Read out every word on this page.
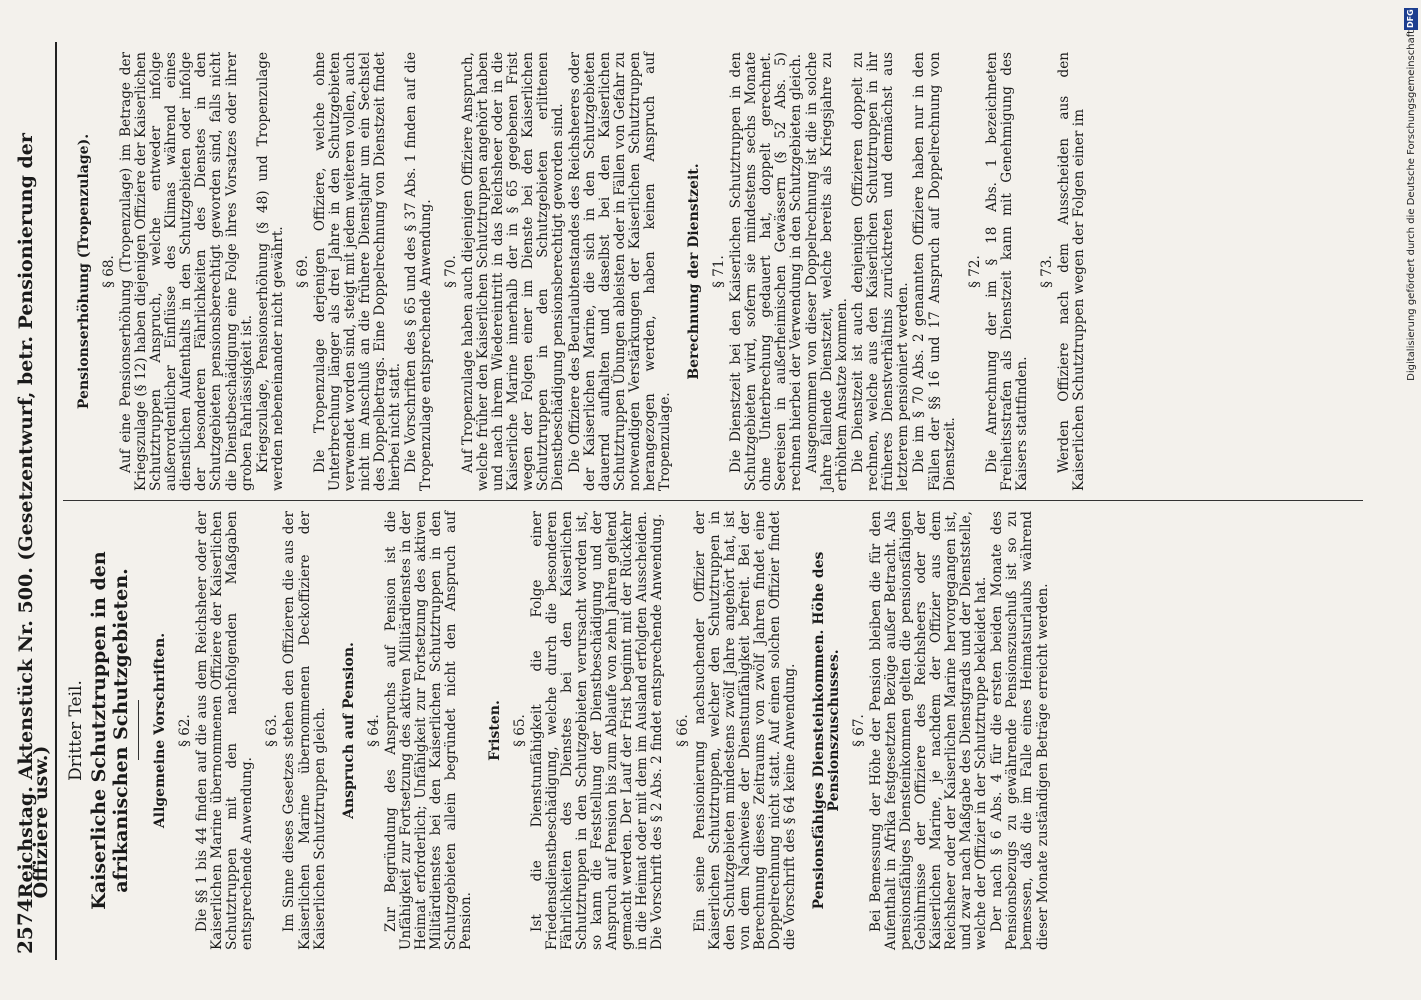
2574
Reichstag. Aktenstück Nr. 500. (Gesetzentwurf, betr. Pensionierung der Offiziere usw.)
Dritter Teil. Kaiserliche Schutztruppen in den afrikanischen Schutzgebieten. Allgemeine Vorschriften. § 62. Die §§ 1 bis 44 finden auf die aus dem Reichsheer oder der Kaiserlichen Marine übernommenen Offiziere der Kaiserlichen Schutztruppen mit den nachfolgenden Maßgaben entsprechende Anwendung.

§ 63. Im Sinne dieses Gesetzes stehen den Offizieren die aus der Kaiserlichen Marine übernommenen Deckoffiziere der Kaiserlichen Schutztruppen gleich. Anspruch auf Pension. § 64. Zur Begründung des Anspruchs auf Pension ist die Unfähigkeit zur Fortsetzung des aktiven Militärdienstes in der Heimat erforderlich; Unfähigkeit zur Fortsetzung des aktiven Militärdienstes bei den Kaiserlichen Schutztruppen in den Schutzgebieten allein begründet nicht den Anspruch auf Pension.

Fristen. § 65. Ist die Dienstunfähigkeit die Folge einer Friedensdienstbeschädigung, welche durch die besonderen Fährlichkeiten des Dienstes bei den Kaiserlichen Schutztruppen in den Schutzgebieten verursacht worden ist, so kann die Feststellung der Dienstbeschädigung und der Anspruch auf Pension bis zum Ablaufe von zehn Jahren geltend gemacht werden. Der Lauf der Frist beginnt mit der Rückkehr in die Heimat oder mit dem im Ausland erfolgten Ausscheiden. Die Vorschrift des § 2 Abs. 2 findet entsprechende Anwendung. § 66. Ein seine Pensionierung nachsuchender Offizier der Kaiserlichen Schutztruppen, welcher den Schutztruppen in den Schutzgebieten mindestens zwölf Jahre angehört hat, ist von dem Nachweise der Dienstunfähigkeit befreit. Bei der Berechnung dieses Zeitraums von zwölf Jahren findet eine Doppelrechnung nicht statt. Auf einen solchen Offizier findet die Vorschrift des § 64 keine Anwendung. Pensionsfähiges Diensteinkommen. Höhe des Pensionszuschusses. § 67. Bei Bemessung der Höhe der Pension bleiben die für den Aufenthalt in Afrika festgesetzten Bezüge außer Betracht. Als pensionsfähiges Diensteinkommen gelten die pensionsfähigen Gebührnisse der Offiziere des Reichsheers oder der Kaiserlichen Marine, je nachdem der Offizier aus dem Reichsheer oder der Kaiserlichen Marine hervorgegangen ist, und zwar nach Maßgabe des Dienstgrads und der Dienststelle, welche der Offizier in der Schutztruppe bekleidet hat. Der nach § 6 Abs. 4 für die ersten beiden Monate des Pensionsbezugs zu gewährende Pensionszuschuß ist so zu bemessen, daß die im Falle eines Heimatsurlaubs während dieser Monate zuständigen Beträge erreicht werden.

Pensionserhöhung (Tropenzulage). § 68. Auf eine Pensionserhöhung (Tropenzulage) im Betrage der Kriegszulage (§ 12) haben diejenigen Offiziere der Kaiserlichen Schutztruppen Anspruch, welche entweder infolge außerordentlicher Einflüsse des Klimas während eines dienstlichen Aufenthalts in den Schutzgebieten oder infolge der besonderen Fährlichkeiten des Dienstes in den Schutzgebieten pensionsberechtigt geworden sind, falls nicht die Dienstbeschädigung eine Folge ihres Vorsatzes oder ihrer groben Fahrlässigkeit ist. Kriegszulage, Pensionserhöhung (§ 48) und Tropenzulage werden nebeneinander nicht gewährt. § 69. Die Tropenzulage derjenigen Offiziere, welche ohne Unterbrechung länger als drei Jahre in den Schutzgebieten verwendet worden sind, steigt mit jedem weiteren vollen, auch nicht im Anschluß an die frühere Dienstjahr um ein Sechstel des Doppelbetrags. Eine Doppelrechnung von Dienstzeit findet hierbei nicht statt. Die Vorschriften des § 65 und des § 37 Abs. 1 finden auf die Tropenzulage entsprechende Anwendung. § 70. Auf Tropenzulage haben auch diejenigen Offiziere Anspruch, welche früher den Kaiserlichen Schutztruppen angehört haben und nach ihrem Wiedereintritt in das Reichsheer oder in die Kaiserliche Marine innerhalb der in § 65 gegebenen Frist wegen der Folgen einer im Dienste bei den Kaiserlichen Schutztruppen in den Schutzgebieten erlittenen Dienstbeschädigung pensionsberechtigt geworden sind. Die Offiziere des Beurlaubtenstandes des Reichsheeres oder der Kaiserlichen Marine, die sich in den Schutzgebieten dauernd aufhalten und daselbst bei den Kaiserlichen Schutztruppen Übungen ableisten oder in Fällen von Gefahr zu notwendigen Verstärkungen der Kaiserlichen Schutztruppen herangezogen werden, haben keinen Anspruch auf Tropenzulage.

Berechnung der Dienstzeit. § 71. Die Dienstzeit bei den Kaiserlichen Schutztruppen in den Schutzgebieten wird, sofern sie mindestens sechs Monate ohne Unterbrechung gedauert hat, doppelt gerechnet. Seereisen in außerheimischen Gewässern (§ 52 Abs. 5) rechnen hierbei der Verwendung in den Schutzgebieten gleich. Ausgenommen von dieser Doppelrechnung ist die in solche Jahre fallende Dienstzeit, welche bereits als Kriegsjahre zu erhöhtem Ansatze kommen. Die Dienstzeit ist auch denjenigen Offizieren doppelt zu rechnen, welche aus den Kaiserlichen Schutztruppen in ihr früheres Dienstverhältnis zurücktreten und demnächst aus letzterem pensioniert werden. Die im § 70 Abs. 2 genannten Offiziere haben nur in den Fällen der §§ 16 und 17 Anspruch auf Doppelrechnung von Dienstzeit.

§ 72. Die Anrechnung der im § 18 Abs. 1 bezeichneten Freiheitsstrafen als Dienstzeit kann mit Genehmigung des Kaisers stattfinden.

§ 73. Werden Offiziere nach dem Ausscheiden aus den Kaiserlichen Schutztruppen wegen der Folgen einer im

DFG
Digitalisierung gefördert durch die Deutsche Forschungsgemeinschaft
